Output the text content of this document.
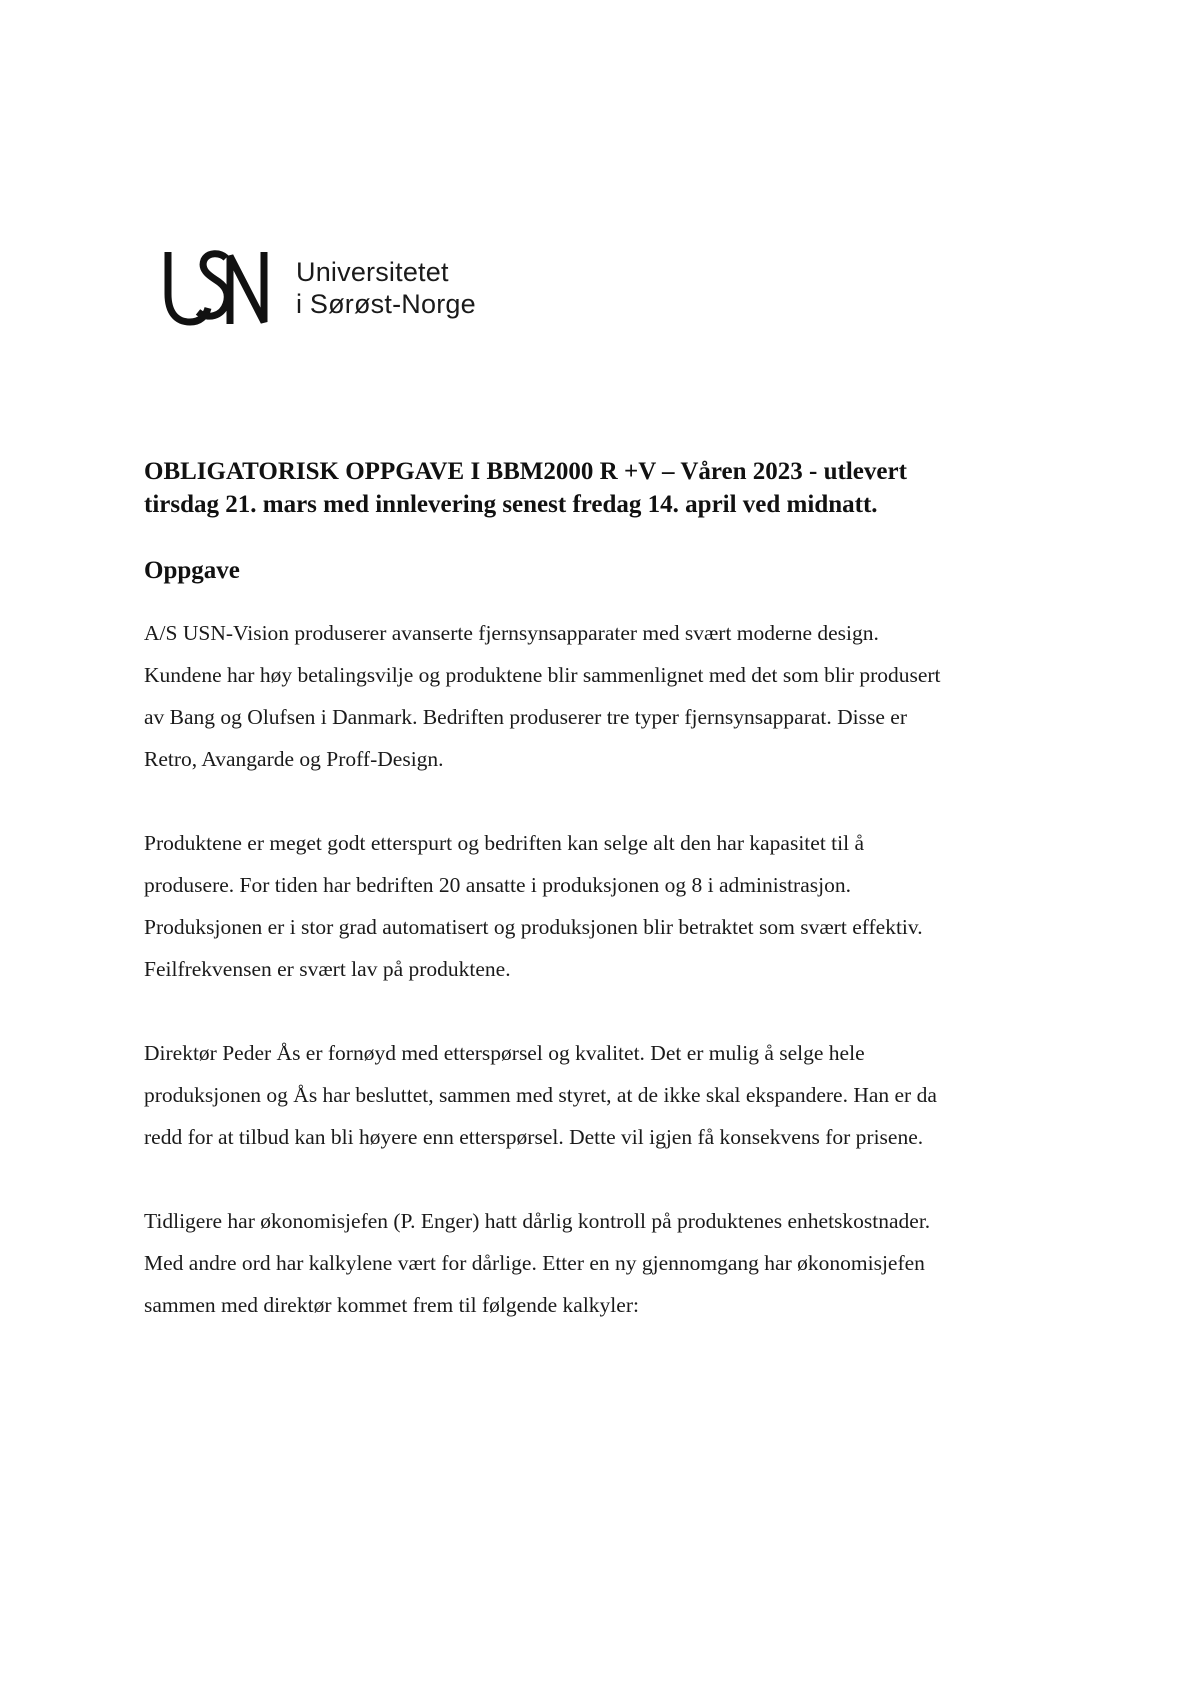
Universitetet
i Sørøst-Norge
OBLIGATORISK OPPGAVE I BBM2000 R +V – Våren 2023 - utlevert
tirsdag 21. mars med innlevering senest fredag 14. april ved midnatt.
Oppgave

A/S USN-Vision produserer avanserte fjernsynsapparater med svært moderne design.
Kundene har høy betalingsvilje og produktene blir sammenlignet med det som blir produsert
av Bang og Olufsen i Danmark. Bedriften produserer tre typer fjernsynsapparat. Disse er
Retro, Avangarde og Proff-Design.

Produktene er meget godt etterspurt og bedriften kan selge alt den har kapasitet til å
produsere. For tiden har bedriften 20 ansatte i produksjonen og 8 i administrasjon.
Produksjonen er i stor grad automatisert og produksjonen blir betraktet som svært effektiv.
Feilfrekvensen er svært lav på produktene.

Direktør Peder Ås er fornøyd med etterspørsel og kvalitet. Det er mulig å selge hele
produksjonen og Ås har besluttet, sammen med styret, at de ikke skal ekspandere. Han er da
redd for at tilbud kan bli høyere enn etterspørsel. Dette vil igjen få konsekvens for prisene.

Tidligere har økonomisjefen (P. Enger) hatt dårlig kontroll på produktenes enhetskostnader.
Med andre ord har kalkylene vært for dårlige. Etter en ny gjennomgang har økonomisjefen
sammen med direktør kommet frem til følgende kalkyler:
